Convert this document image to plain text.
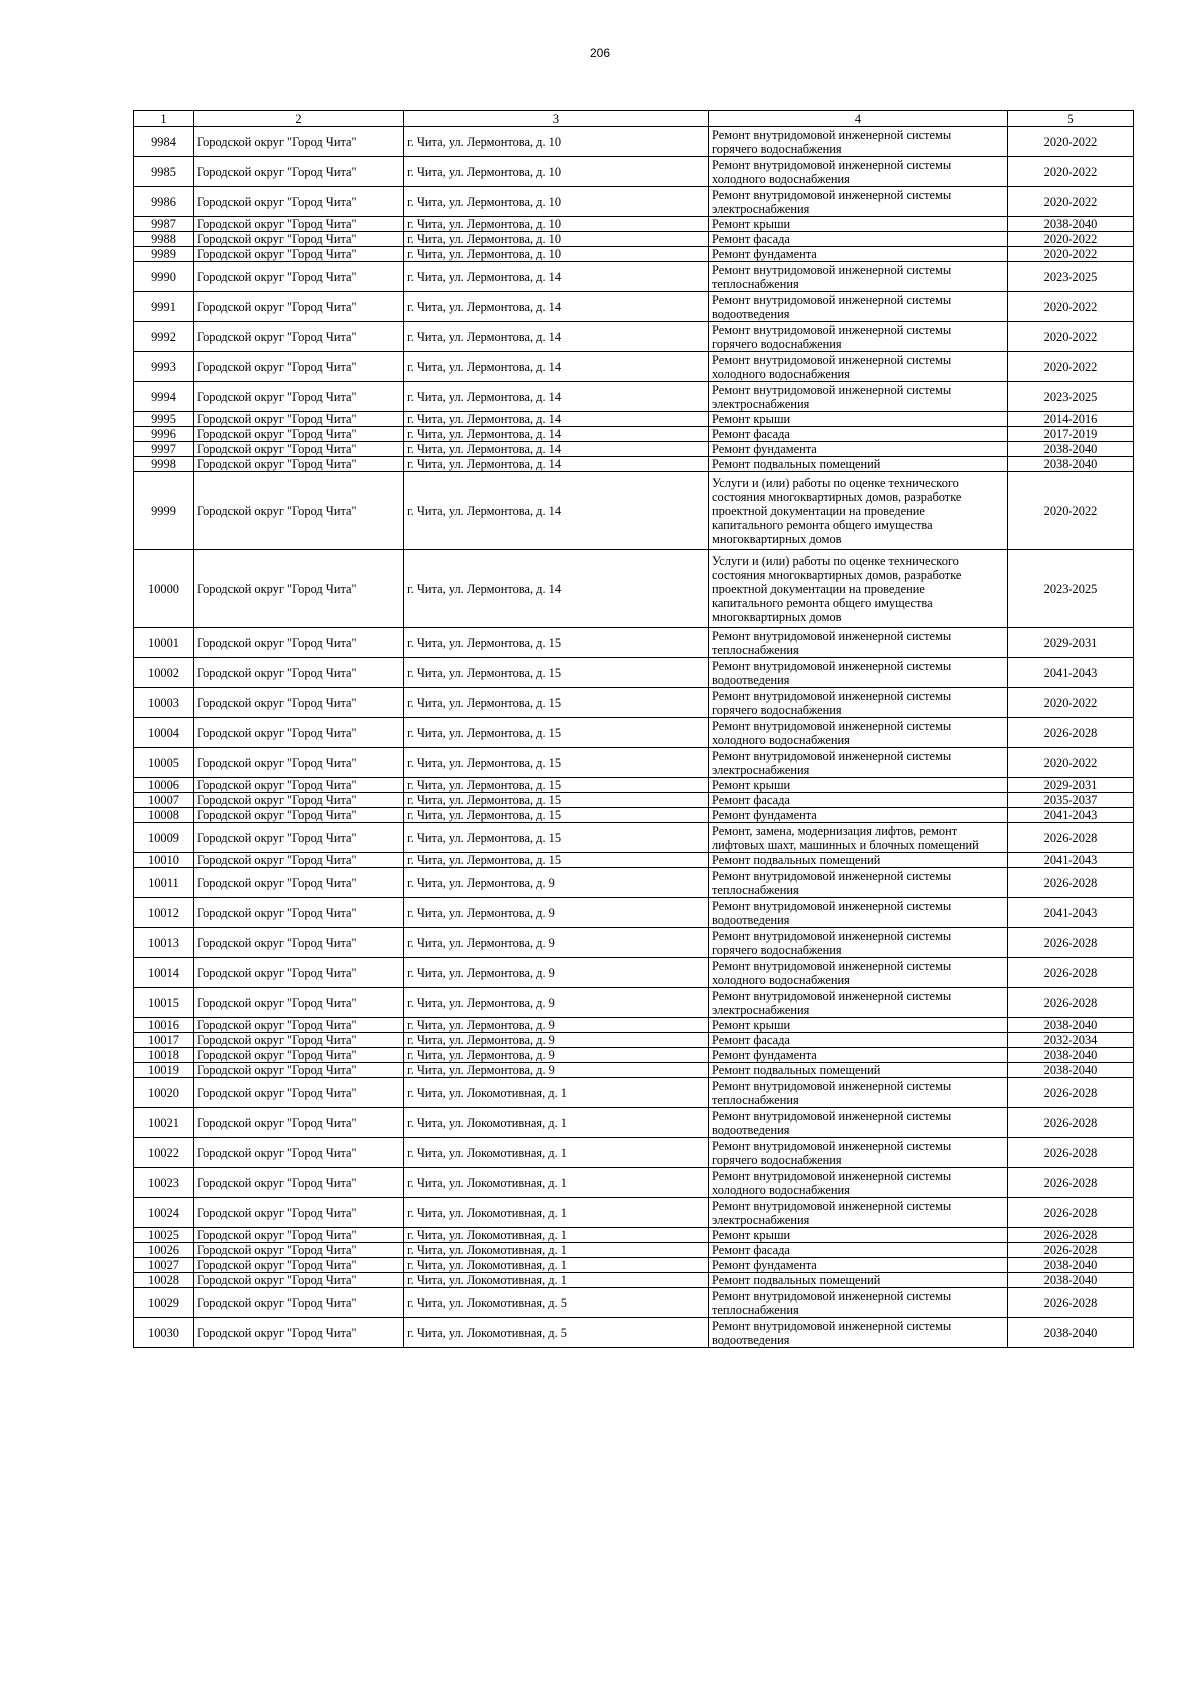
206
1	2	3	4	5
9984	Городской округ "Город Чита"	г. Чита, ул. Лермонтова, д. 10	Ремонт внутридомовой инженерной системы
горячего водоснабжения	2020-2022
9985	Городской округ "Город Чита"	г. Чита, ул. Лермонтова, д. 10	Ремонт внутридомовой инженерной системы
холодного водоснабжения	2020-2022
9986	Городской округ "Город Чита"	г. Чита, ул. Лермонтова, д. 10	Ремонт внутридомовой инженерной системы
электроснабжения	2020-2022
9987	Городской округ "Город Чита"	г. Чита, ул. Лермонтова, д. 10	Ремонт крыши	2038-2040
9988	Городской округ "Город Чита"	г. Чита, ул. Лермонтова, д. 10	Ремонт фасада	2020-2022
9989	Городской округ "Город Чита"	г. Чита, ул. Лермонтова, д. 10	Ремонт фундамента	2020-2022
9990	Городской округ "Город Чита"	г. Чита, ул. Лермонтова, д. 14	Ремонт внутридомовой инженерной системы
теплоснабжения	2023-2025
9991	Городской округ "Город Чита"	г. Чита, ул. Лермонтова, д. 14	Ремонт внутридомовой инженерной системы
водоотведения	2020-2022
9992	Городской округ "Город Чита"	г. Чита, ул. Лермонтова, д. 14	Ремонт внутридомовой инженерной системы
горячего водоснабжения	2020-2022
9993	Городской округ "Город Чита"	г. Чита, ул. Лермонтова, д. 14	Ремонт внутридомовой инженерной системы
холодного водоснабжения	2020-2022
9994	Городской округ "Город Чита"	г. Чита, ул. Лермонтова, д. 14	Ремонт внутридомовой инженерной системы
электроснабжения	2023-2025
9995	Городской округ "Город Чита"	г. Чита, ул. Лермонтова, д. 14	Ремонт крыши	2014-2016
9996	Городской округ "Город Чита"	г. Чита, ул. Лермонтова, д. 14	Ремонт фасада	2017-2019
9997	Городской округ "Город Чита"	г. Чита, ул. Лермонтова, д. 14	Ремонт фундамента	2038-2040
9998	Городской округ "Город Чита"	г. Чита, ул. Лермонтова, д. 14	Ремонт подвальных помещений	2038-2040
9999	Городской округ "Город Чита"	г. Чита, ул. Лермонтова, д. 14	Услуги и (или) работы по оценке технического
состояния многоквартирных домов, разработке
проектной документации на проведение
капитального ремонта общего имущества
многоквартирных домов	2020-2022
10000	Городской округ "Город Чита"	г. Чита, ул. Лермонтова, д. 14	Услуги и (или) работы по оценке технического
состояния многоквартирных домов, разработке
проектной документации на проведение
капитального ремонта общего имущества
многоквартирных домов	2023-2025
10001	Городской округ "Город Чита"	г. Чита, ул. Лермонтова, д. 15	Ремонт внутридомовой инженерной системы
теплоснабжения	2029-2031
10002	Городской округ "Город Чита"	г. Чита, ул. Лермонтова, д. 15	Ремонт внутридомовой инженерной системы
водоотведения	2041-2043
10003	Городской округ "Город Чита"	г. Чита, ул. Лермонтова, д. 15	Ремонт внутридомовой инженерной системы
горячего водоснабжения	2020-2022
10004	Городской округ "Город Чита"	г. Чита, ул. Лермонтова, д. 15	Ремонт внутридомовой инженерной системы
холодного водоснабжения	2026-2028
10005	Городской округ "Город Чита"	г. Чита, ул. Лермонтова, д. 15	Ремонт внутридомовой инженерной системы
электроснабжения	2020-2022
10006	Городской округ "Город Чита"	г. Чита, ул. Лермонтова, д. 15	Ремонт крыши	2029-2031
10007	Городской округ "Город Чита"	г. Чита, ул. Лермонтова, д. 15	Ремонт фасада	2035-2037
10008	Городской округ "Город Чита"	г. Чита, ул. Лермонтова, д. 15	Ремонт фундамента	2041-2043
10009	Городской округ "Город Чита"	г. Чита, ул. Лермонтова, д. 15	Ремонт, замена, модернизация лифтов, ремонт
лифтовых шахт, машинных и блочных помещений	2026-2028
10010	Городской округ "Город Чита"	г. Чита, ул. Лермонтова, д. 15	Ремонт подвальных помещений	2041-2043
10011	Городской округ "Город Чита"	г. Чита, ул. Лермонтова, д. 9	Ремонт внутридомовой инженерной системы
теплоснабжения	2026-2028
10012	Городской округ "Город Чита"	г. Чита, ул. Лермонтова, д. 9	Ремонт внутридомовой инженерной системы
водоотведения	2041-2043
10013	Городской округ "Город Чита"	г. Чита, ул. Лермонтова, д. 9	Ремонт внутридомовой инженерной системы
горячего водоснабжения	2026-2028
10014	Городской округ "Город Чита"	г. Чита, ул. Лермонтова, д. 9	Ремонт внутридомовой инженерной системы
холодного водоснабжения	2026-2028
10015	Городской округ "Город Чита"	г. Чита, ул. Лермонтова, д. 9	Ремонт внутридомовой инженерной системы
электроснабжения	2026-2028
10016	Городской округ "Город Чита"	г. Чита, ул. Лермонтова, д. 9	Ремонт крыши	2038-2040
10017	Городской округ "Город Чита"	г. Чита, ул. Лермонтова, д. 9	Ремонт фасада	2032-2034
10018	Городской округ "Город Чита"	г. Чита, ул. Лермонтова, д. 9	Ремонт фундамента	2038-2040
10019	Городской округ "Город Чита"	г. Чита, ул. Лермонтова, д. 9	Ремонт подвальных помещений	2038-2040
10020	Городской округ "Город Чита"	г. Чита, ул. Локомотивная, д. 1	Ремонт внутридомовой инженерной системы
теплоснабжения	2026-2028
10021	Городской округ "Город Чита"	г. Чита, ул. Локомотивная, д. 1	Ремонт внутридомовой инженерной системы
водоотведения	2026-2028
10022	Городской округ "Город Чита"	г. Чита, ул. Локомотивная, д. 1	Ремонт внутридомовой инженерной системы
горячего водоснабжения	2026-2028
10023	Городской округ "Город Чита"	г. Чита, ул. Локомотивная, д. 1	Ремонт внутридомовой инженерной системы
холодного водоснабжения	2026-2028
10024	Городской округ "Город Чита"	г. Чита, ул. Локомотивная, д. 1	Ремонт внутридомовой инженерной системы
электроснабжения	2026-2028
10025	Городской округ "Город Чита"	г. Чита, ул. Локомотивная, д. 1	Ремонт крыши	2026-2028
10026	Городской округ "Город Чита"	г. Чита, ул. Локомотивная, д. 1	Ремонт фасада	2026-2028
10027	Городской округ "Город Чита"	г. Чита, ул. Локомотивная, д. 1	Ремонт фундамента	2038-2040
10028	Городской округ "Город Чита"	г. Чита, ул. Локомотивная, д. 1	Ремонт подвальных помещений	2038-2040
10029	Городской округ "Город Чита"	г. Чита, ул. Локомотивная, д. 5	Ремонт внутридомовой инженерной системы
теплоснабжения	2026-2028
10030	Городской округ "Город Чита"	г. Чита, ул. Локомотивная, д. 5	Ремонт внутридомовой инженерной системы
водоотведения	2038-2040
